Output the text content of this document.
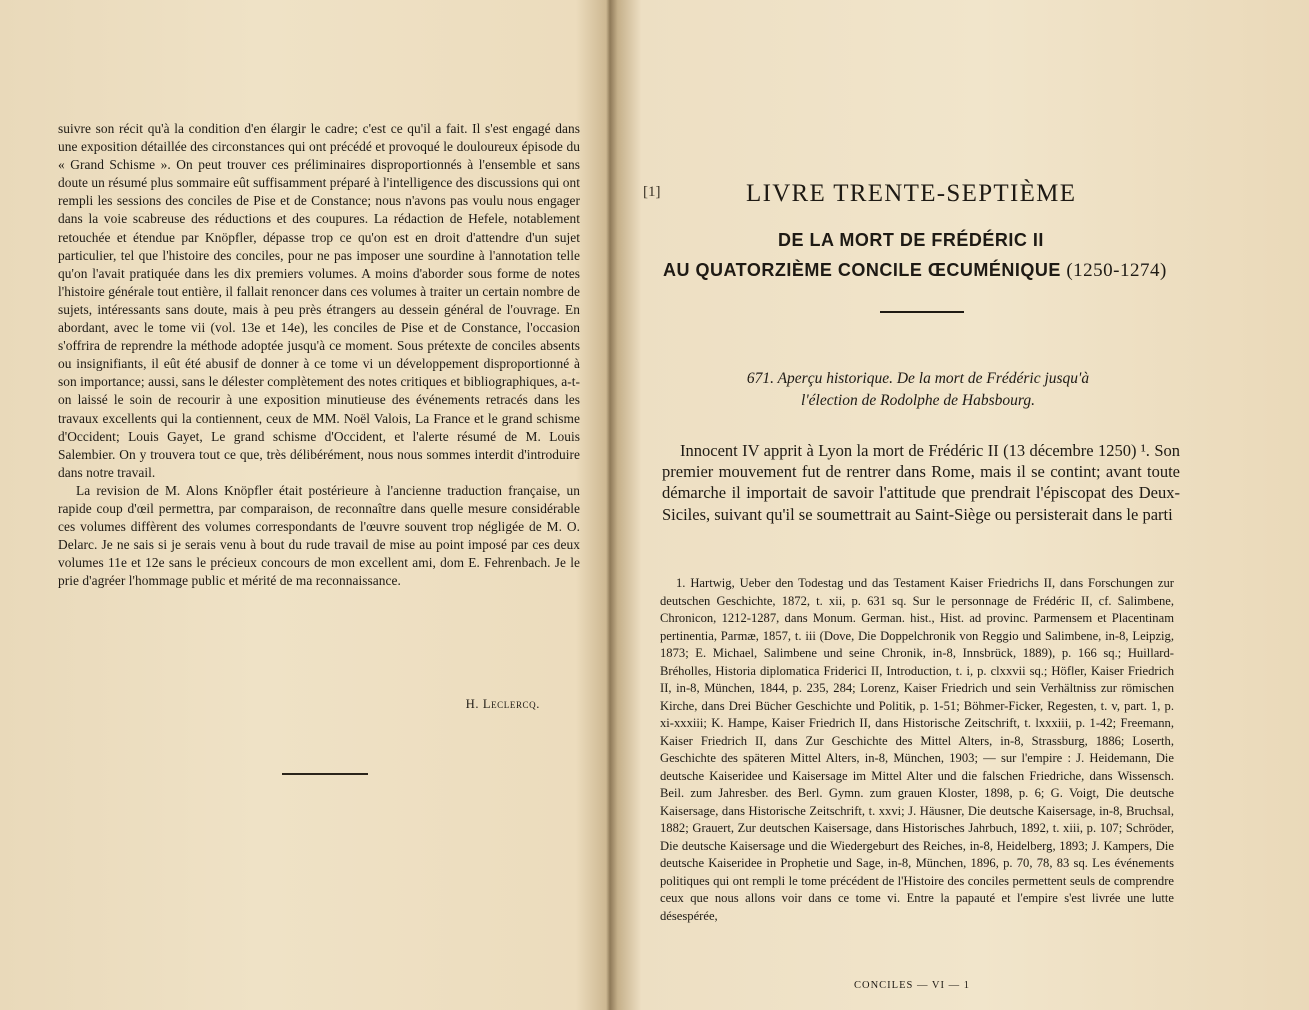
suivre son récit qu'à la condition d'en élargir le cadre; c'est ce qu'il a fait. Il s'est engagé dans une exposition détaillée des circonstances qui ont précédé et provoqué le douloureux épisode du « Grand Schisme ». On peut trouver ces préliminaires disproportionnés à l'ensemble et sans doute un résumé plus sommaire eût suffisamment préparé à l'intelligence des discussions qui ont rempli les sessions des conciles de Pise et de Constance; nous n'avons pas voulu nous engager dans la voie scabreuse des réductions et des coupures. La rédaction de Hefele, notablement retouchée et étendue par Knöpfler, dépasse trop ce qu'on est en droit d'attendre d'un sujet particulier, tel que l'histoire des conciles, pour ne pas imposer une sourdine à l'annotation telle qu'on l'avait pratiquée dans les dix premiers volumes. A moins d'aborder sous forme de notes l'histoire générale tout entière, il fallait renoncer dans ces volumes à traiter un certain nombre de sujets, intéressants sans doute, mais à peu près étrangers au dessein général de l'ouvrage. En abordant, avec le tome vii (vol. 13e et 14e), les conciles de Pise et de Constance, l'occasion s'offrira de reprendre la méthode adoptée jusqu'à ce moment. Sous prétexte de conciles absents ou insignifiants, il eût été abusif de donner à ce tome vi un développement disproportionné à son importance; aussi, sans le délester complètement des notes critiques et bibliographiques, a-t-on laissé le soin de recourir à une exposition minutieuse des événements retracés dans les travaux excellents qui la contiennent, ceux de MM. Noël Valois, La France et le grand schisme d'Occident; Louis Gayet, Le grand schisme d'Occident, et l'alerte résumé de M. Louis Salembier. On y trouvera tout ce que, très délibérément, nous nous sommes interdit d'introduire dans notre travail.

La revision de M. Alons Knöpfler était postérieure à l'ancienne traduction française, un rapide coup d'œil permettra, par comparaison, de reconnaître dans quelle mesure considérable ces volumes diffèrent des volumes correspondants de l'œuvre souvent trop négligée de M. O. Delarc. Je ne sais si je serais venu à bout du rude travail de mise au point imposé par ces deux volumes 11e et 12e sans le précieux concours de mon excellent ami, dom E. Fehrenbach. Je le prie d'agréer l'hommage public et mérité de ma reconnaissance.

H. Leclercq.
[1]	LIVRE TRENTE-SEPTIÈME
DE LA MORT DE FRÉDÉRIC II
AU QUATORZIÈME CONCILE ŒCUMÉNIQUE (1250-1274)
671. Aperçu historique. De la mort de Frédéric jusqu'à
l'élection de Rodolphe de Habsbourg.

Innocent IV apprit à Lyon la mort de Frédéric II (13 décembre 1250) ¹. Son premier mouvement fut de rentrer dans Rome, mais il se contint; avant toute démarche il importait de savoir l'attitude que prendrait l'épiscopat des Deux-Siciles, suivant qu'il se soumettrait au Saint-Siège ou persisterait dans le parti

1. Hartwig, Ueber den Todestag und das Testament Kaiser Friedrichs II, dans Forschungen zur deutschen Geschichte, 1872, t. xii, p. 631 sq. Sur le personnage de Frédéric II, cf. Salimbene, Chronicon, 1212-1287, dans Monum. German. hist., Hist. ad provinc. Parmensem et Placentinam pertinentia, Parmæ, 1857, t. iii (Dove, Die Doppelchronik von Reggio und Salimbene, in-8, Leipzig, 1873; E. Michael, Salimbene und seine Chronik, in-8, Innsbrück, 1889), p. 166 sq.; Huillard-Bréholles, Historia diplomatica Friderici II, Introduction, t. i, p. clxxvii sq.; Höfler, Kaiser Friedrich II, in-8, München, 1844, p. 235, 284; Lorenz, Kaiser Friedrich und sein Verhältniss zur römischen Kirche, dans Drei Bücher Geschichte und Politik, p. 1-51; Böhmer-Ficker, Regesten, t. v, part. 1, p. xi-xxxiii; K. Hampe, Kaiser Friedrich II, dans Historische Zeitschrift, t. lxxxiii, p. 1-42; Freemann, Kaiser Friedrich II, dans Zur Geschichte des Mittel Alters, in-8, Strassburg, 1886; Loserth, Geschichte des späteren Mittel Alters, in-8, München, 1903; — sur l'empire : J. Heidemann, Die deutsche Kaiseridee und Kaisersage im Mittel Alter und die falschen Friedriche, dans Wissensch. Beil. zum Jahresber. des Berl. Gymn. zum grauen Kloster, 1898, p. 6; G. Voigt, Die deutsche Kaisersage, dans Historische Zeitschrift, t. xxvi; J. Häusner, Die deutsche Kaisersage, in-8, Bruchsal, 1882; Grauert, Zur deutschen Kaisersage, dans Historisches Jahrbuch, 1892, t. xiii, p. 107; Schröder, Die deutsche Kaisersage und die Wiedergeburt des Reiches, in-8, Heidelberg, 1893; J. Kampers, Die deutsche Kaiseridee in Prophetie und Sage, in-8, München, 1896, p. 70, 78, 83 sq. Les événements politiques qui ont rempli le tome précédent de l'Histoire des conciles permettent seuls de comprendre ceux que nous allons voir dans ce tome vi. Entre la papauté et l'empire s'est livrée une lutte désespérée,

CONCILES — VI — 1
